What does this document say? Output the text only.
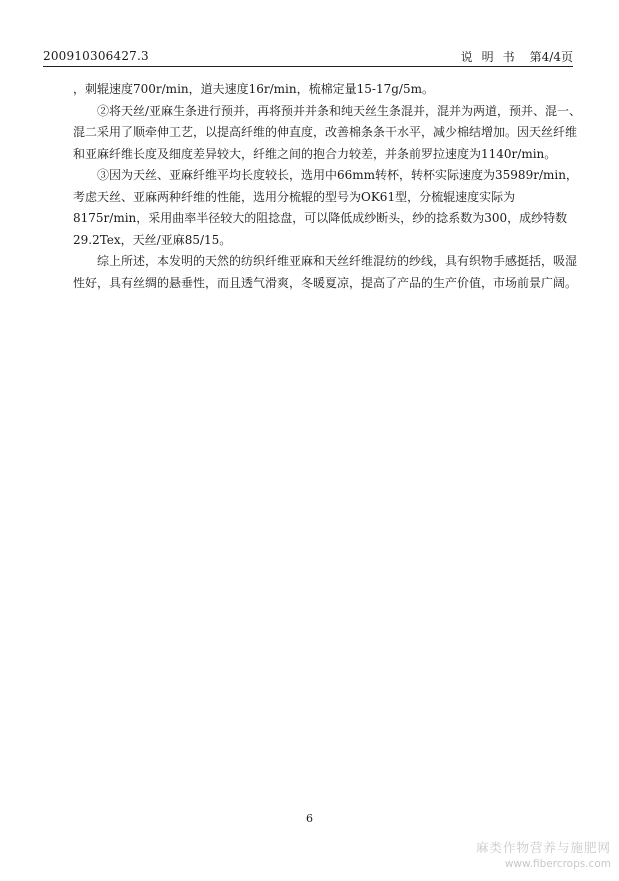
200910306427.3	说明书 第4/4页

，刺辊速度700r/min，道夫速度16r/min，梳棉定量15-17g/5m。

②将天丝/亚麻生条进行预并，再将预并并条和纯天丝生条混并，混并为两道，预并、混一、混二采用了顺牵伸工艺，以提高纤维的伸直度，改善棉条条干水平，减少棉结增加。因天丝纤维和亚麻纤维长度及细度差异较大，纤维之间的抱合力较差，并条前罗拉速度为1140r/min。

③因为天丝、亚麻纤维平均长度较长，选用中66mm转杯，转杯实际速度为35989r/min，考虑天丝、亚麻两种纤维的性能，选用分梳辊的型号为OK61型，分梳辊速度实际为8175r/min，采用曲率半径较大的阻捻盘，可以降低成纱断头，纱的捻系数为300，成纱特数29.2Tex，天丝/亚麻85/15。

综上所述，本发明的天然的纺织纤维亚麻和天丝纤维混纺的纱线，具有织物手感挺括，吸湿性好，具有丝绸的悬垂性，而且透气滑爽，冬暖夏凉，提高了产品的生产价值，市场前景广阔。

6
麻类作物营养与施肥网
www.fibercrops.com
